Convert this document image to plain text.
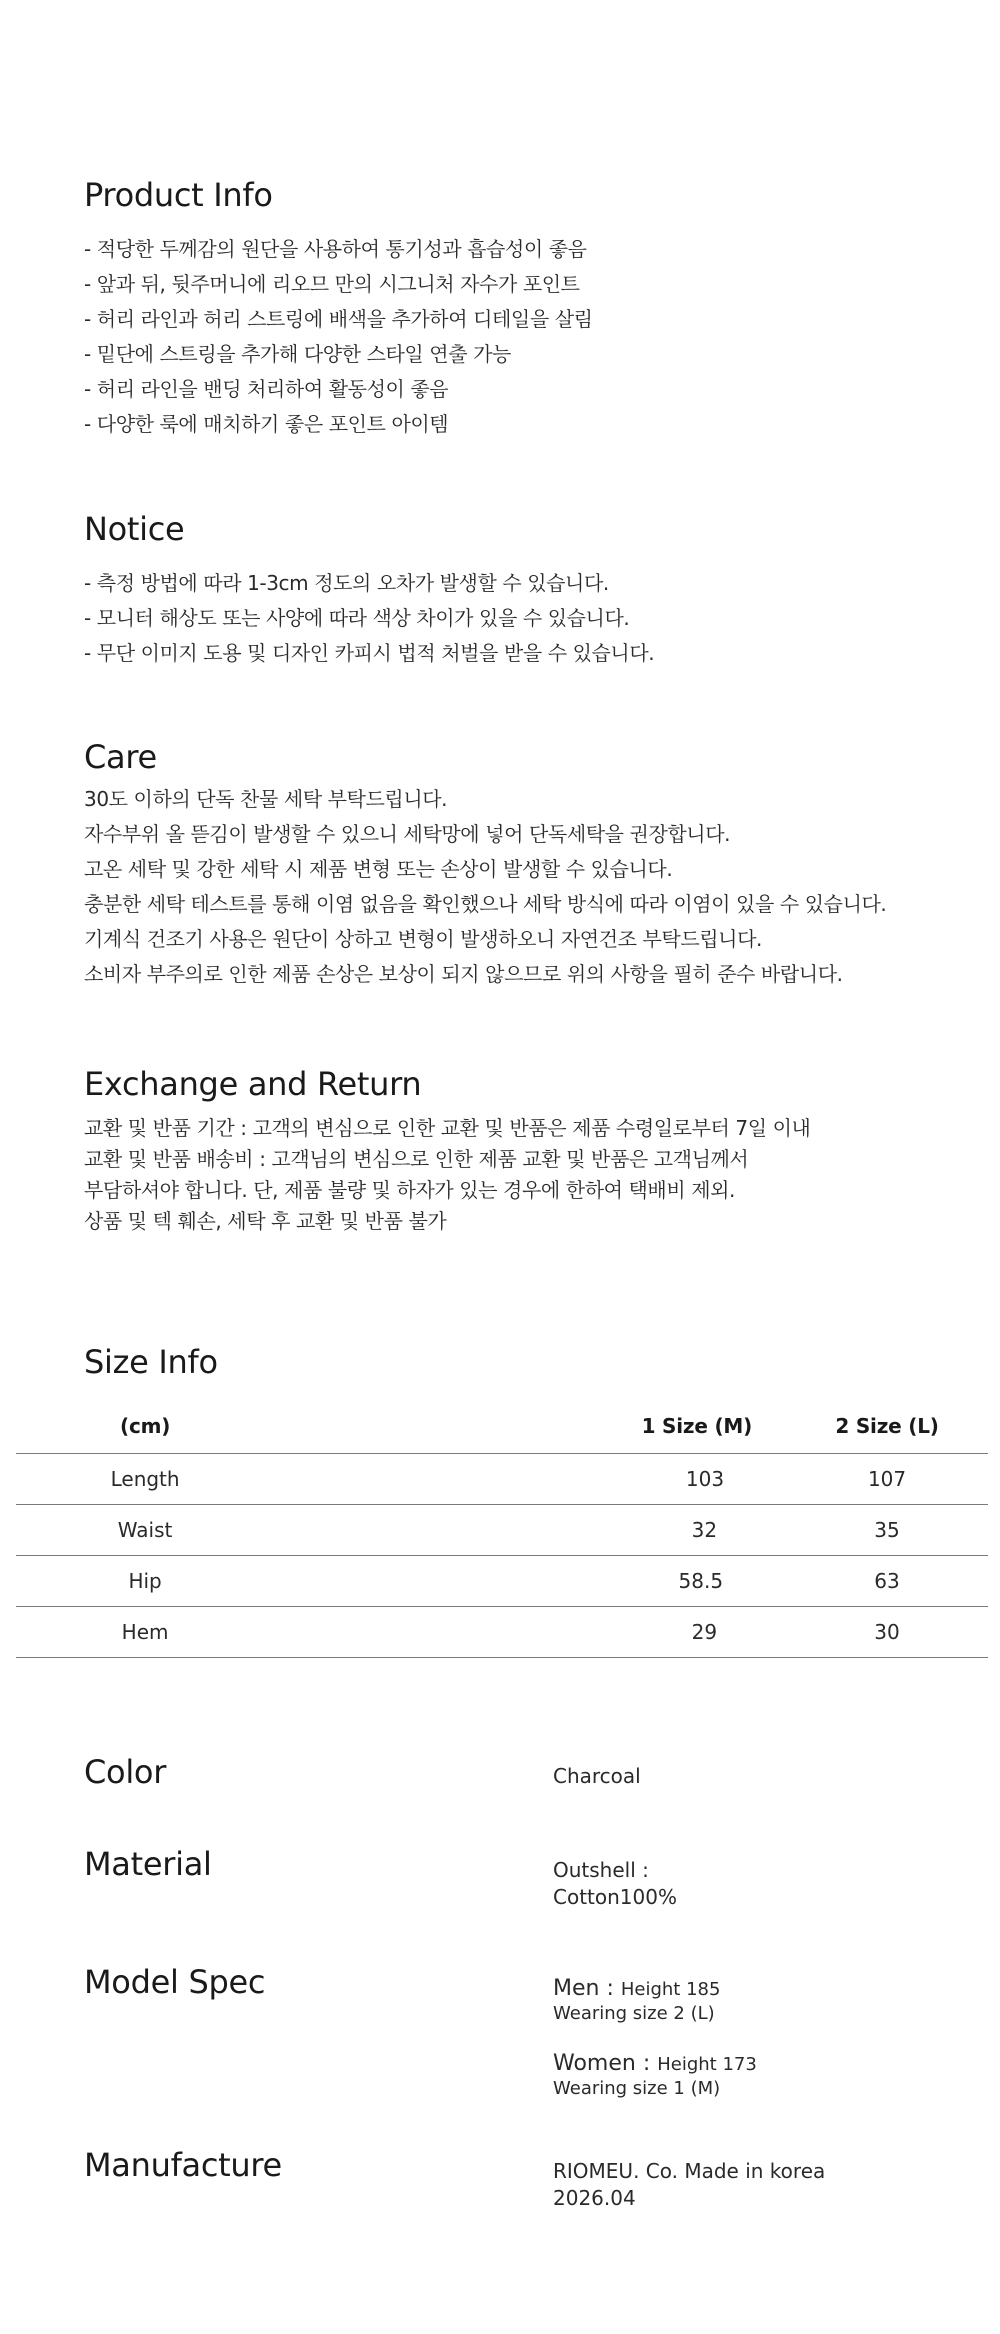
Product Info
- 적당한 두께감의 원단을 사용하여 통기성과 흡습성이 좋음
- 앞과 뒤, 뒷주머니에 리오므 만의 시그니처 자수가 포인트
- 허리 라인과 허리 스트링에 배색을 추가하여 디테일을 살림
- 밑단에 스트링을 추가해 다양한 스타일 연출 가능
- 허리 라인을 밴딩 처리하여 활동성이 좋음
- 다양한 룩에 매치하기 좋은 포인트 아이템
Notice
- 측정 방법에 따라 1-3cm 정도의 오차가 발생할 수 있습니다.
- 모니터 해상도 또는 사양에 따라 색상 차이가 있을 수 있습니다.
- 무단 이미지 도용 및 디자인 카피시 법적 처벌을 받을 수 있습니다.
Care
30도 이하의 단독 찬물 세탁 부탁드립니다.
자수부위 올 뜯김이 발생할 수 있으니 세탁망에 넣어 단독세탁을 권장합니다.
고온 세탁 및 강한 세탁 시 제품 변형 또는 손상이 발생할 수 있습니다.
충분한 세탁 테스트를 통해 이염 없음을 확인했으나 세탁 방식에 따라 이염이 있을 수 있습니다.
기계식 건조기 사용은 원단이 상하고 변형이 발생하오니 자연건조 부탁드립니다.
소비자 부주의로 인한 제품 손상은 보상이 되지 않으므로 위의 사항을 필히 준수 바랍니다.
Exchange and Return
교환 및 반품 기간 : 고객의 변심으로 인한 교환 및 반품은 제품 수령일로부터 7일 이내
교환 및 반품 배송비 : 고객님의 변심으로 인한 제품 교환 및 반품은 고객님께서
부담하셔야 합니다. 단, 제품 불량 및 하자가 있는 경우에 한하여 택배비 제외.
상품 및 텍 훼손, 세탁 후 교환 및 반품 불가
Size Info
(cm)	1 Size (M)	2 Size (L)
Length	103	107
Waist	32	35
Hip	58.5	63
Hem	29	30
Color	Charcoal
Material	Outshell :
Cotton100%
Model Spec	Men : Height 185
Wearing size 2 (L)
Women : Height 173
Wearing size 1 (M)
Manufacture	RIOMEU. Co. Made in korea
2026.04
